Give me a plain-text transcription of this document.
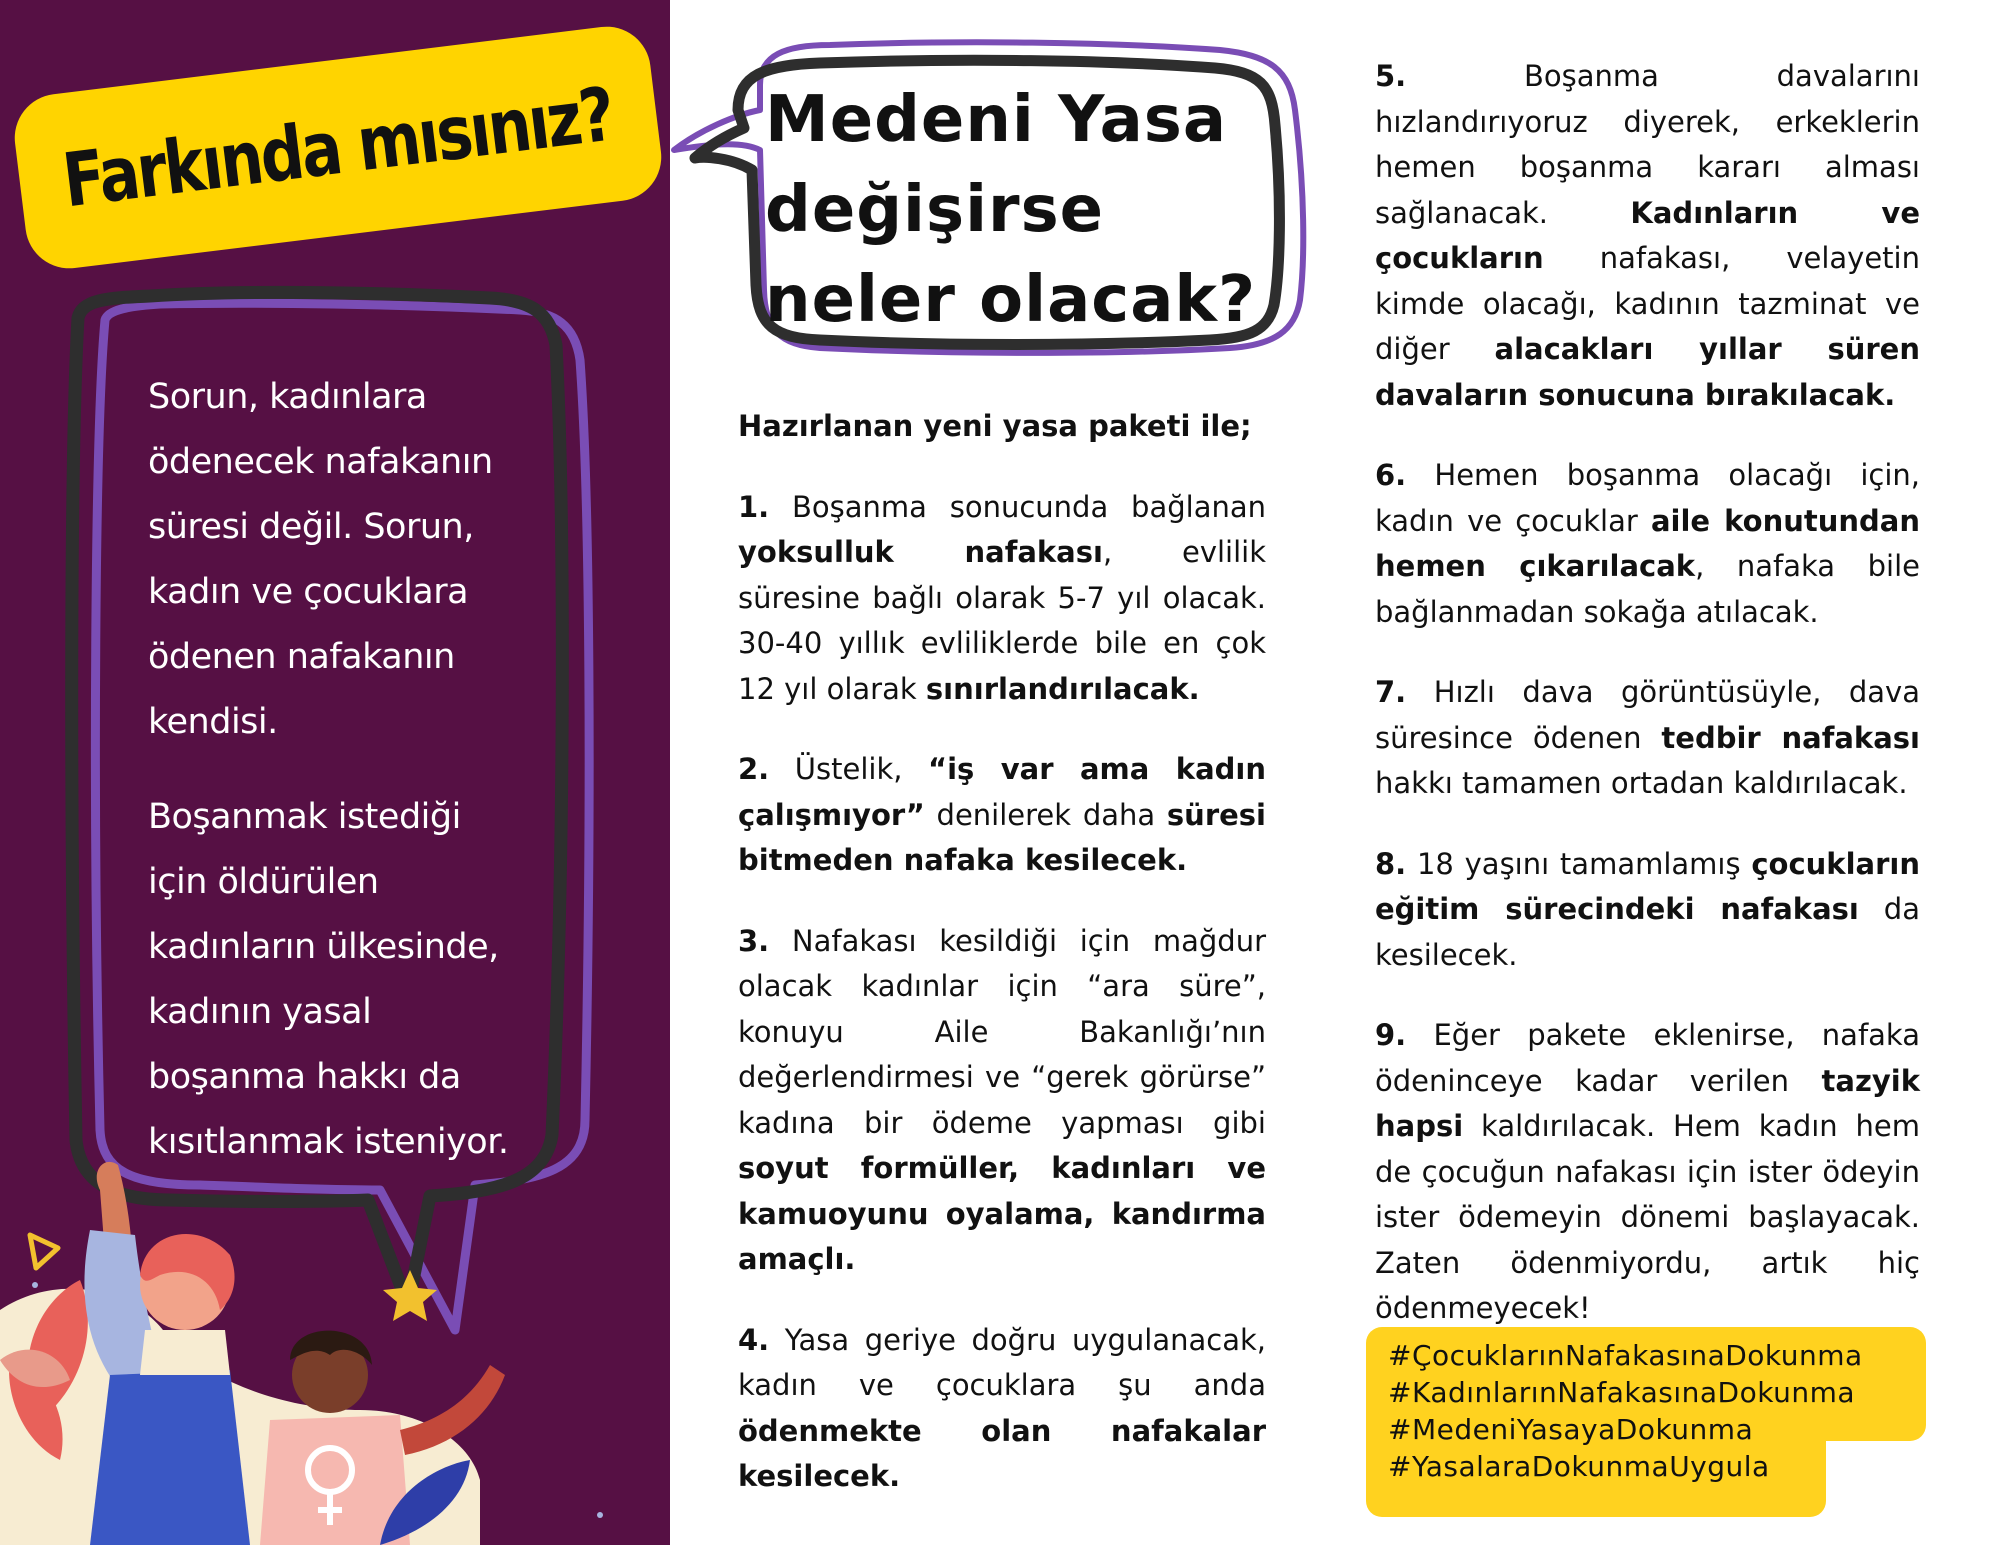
Farkında mısınız?

Sorun, kadınlara ödenecek nafakanın süresi değil. Sorun, kadın ve çocuklara ödenen nafakanın kendisi.

Boşanmak istediği için öldürülen kadınların ülkesinde, kadının yasal boşanma hakkı da kısıtlanmak isteniyor.

Medeni Yasa
değişirse
neler olacak?

Hazırlanan yeni yasa paketi ile;

1. Boşanma sonucunda bağlanan yoksulluk nafakası, evlilik süresine bağlı olarak 5-7 yıl olacak. 30-40 yıllık evliliklerde bile en çok 12 yıl olarak sınırlandırılacak.

2. Üstelik, “iş var ama kadın çalışmıyor” denilerek daha süresi bitmeden nafaka kesilecek.

3. Nafakası kesildiği için mağdur olacak kadınlar için “ara süre”, konuyu Aile Bakanlığı’nın değerlendirmesi ve “gerek görürse” kadına bir ödeme yapması gibi soyut formüller, kadınları ve kamuoyunu oyalama, kandırma amaçlı.

4. Yasa geriye doğru uygulanacak, kadın ve çocuklara şu anda ödenmekte olan nafakalar kesilecek.

5. Boşanma davalarını hızlandırıyoruz diyerek, erkeklerin hemen boşanma kararı alması sağlanacak. Kadınların ve çocukların nafakası, velayetin kimde olacağı, kadının tazminat ve diğer alacakları yıllar süren davaların sonucuna bırakılacak.

6. Hemen boşanma olacağı için, kadın ve çocuklar aile konutundan hemen çıkarılacak, nafaka bile bağlanmadan sokağa atılacak.

7. Hızlı dava görüntüsüyle, dava süresince ödenen tedbir nafakası hakkı tamamen ortadan kaldırılacak.

8. 18 yaşını tamamlamış çocukların eğitim sürecindeki nafakası da kesilecek.

9. Eğer pakete eklenirse, nafaka ödeninceye kadar verilen tazyik hapsi kaldırılacak. Hem kadın hem de çocuğun nafakası için ister ödeyin ister ödemeyin dönemi başlayacak. Zaten ödenmiyordu, artık hiç ödenmeyecek!

#ÇocuklarınNafakasınaDokunma
#KadınlarınNafakasınaDokunma
#MedeniYasayaDokunma
#YasalaraDokunmaUygula
